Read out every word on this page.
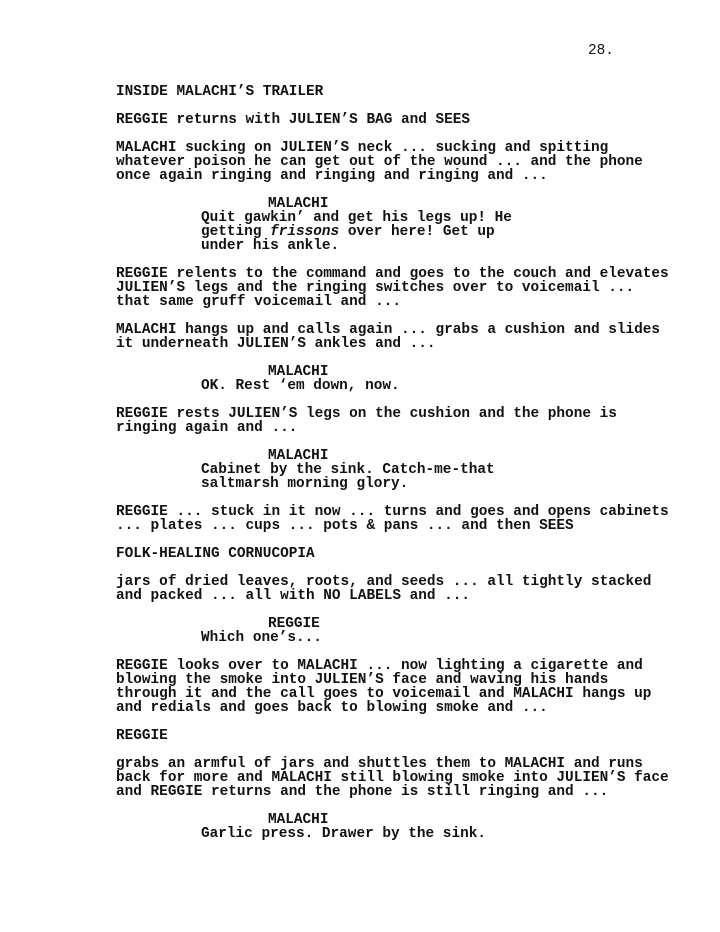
28.
INSIDE MALACHI’S TRAILER
REGGIE returns with JULIEN’S BAG and SEES
MALACHI sucking on JULIEN’S neck ... sucking and spitting
whatever poison he can get out of the wound ... and the phone
once again ringing and ringing and ringing and ...
MALACHI
Quit gawkin’ and get his legs up! He
getting frissons over here! Get up
under his ankle.
REGGIE relents to the command and goes to the couch and elevates
JULIEN’S legs and the ringing switches over to voicemail ...
that same gruff voicemail and ...
MALACHI hangs up and calls again ... grabs a cushion and slides
it underneath JULIEN’S ankles and ...
MALACHI
OK. Rest ‘em down, now.
REGGIE rests JULIEN’S legs on the cushion and the phone is
ringing again and ...
MALACHI
Cabinet by the sink. Catch-me-that
saltmarsh morning glory.
REGGIE ... stuck in it now ... turns and goes and opens cabinets
... plates ... cups ... pots & pans ... and then SEES
FOLK-HEALING CORNUCOPIA
jars of dried leaves, roots, and seeds ... all tightly stacked
and packed ... all with NO LABELS and ...
REGGIE
Which one’s...
REGGIE looks over to MALACHI ... now lighting a cigarette and
blowing the smoke into JULIEN’S face and waving his hands
through it and the call goes to voicemail and MALACHI hangs up
and redials and goes back to blowing smoke and ...
REGGIE
grabs an armful of jars and shuttles them to MALACHI and runs
back for more and MALACHI still blowing smoke into JULIEN’S face
and REGGIE returns and the phone is still ringing and ...
MALACHI
Garlic press. Drawer by the sink.
